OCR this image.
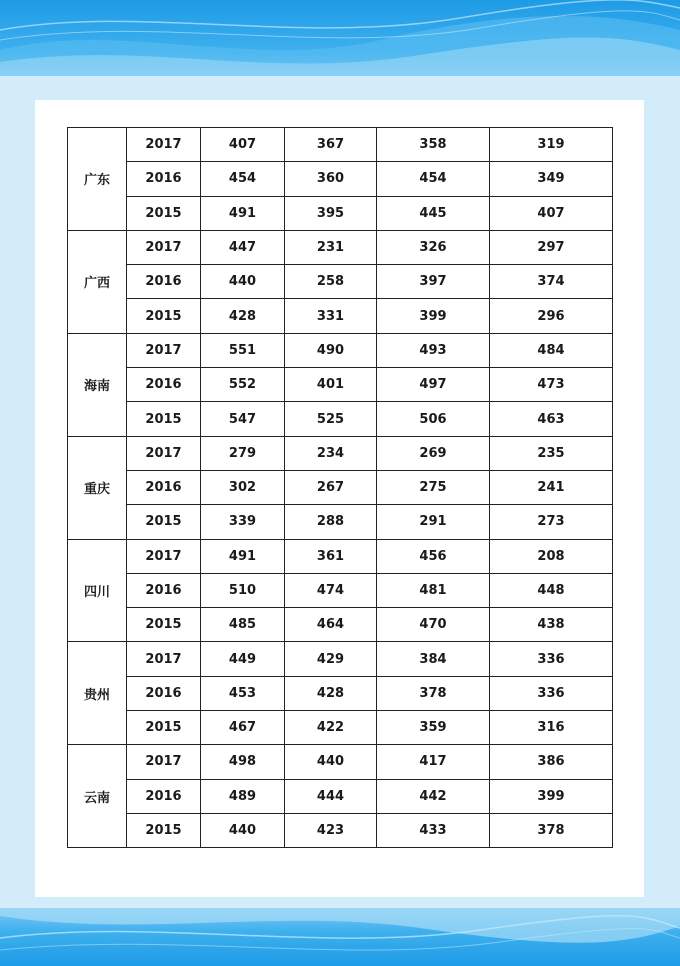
广东	2017	407	367	358	319
	2016	454	360	454	349
	2015	491	395	445	407
广西	2017	447	231	326	297
	2016	440	258	397	374
	2015	428	331	399	296
海南	2017	551	490	493	484
	2016	552	401	497	473
	2015	547	525	506	463
重庆	2017	279	234	269	235
	2016	302	267	275	241
	2015	339	288	291	273
四川	2017	491	361	456	208
	2016	510	474	481	448
	2015	485	464	470	438
贵州	2017	449	429	384	336
	2016	453	428	378	336
	2015	467	422	359	316
云南	2017	498	440	417	386
	2016	489	444	442	399
	2015	440	423	433	378
